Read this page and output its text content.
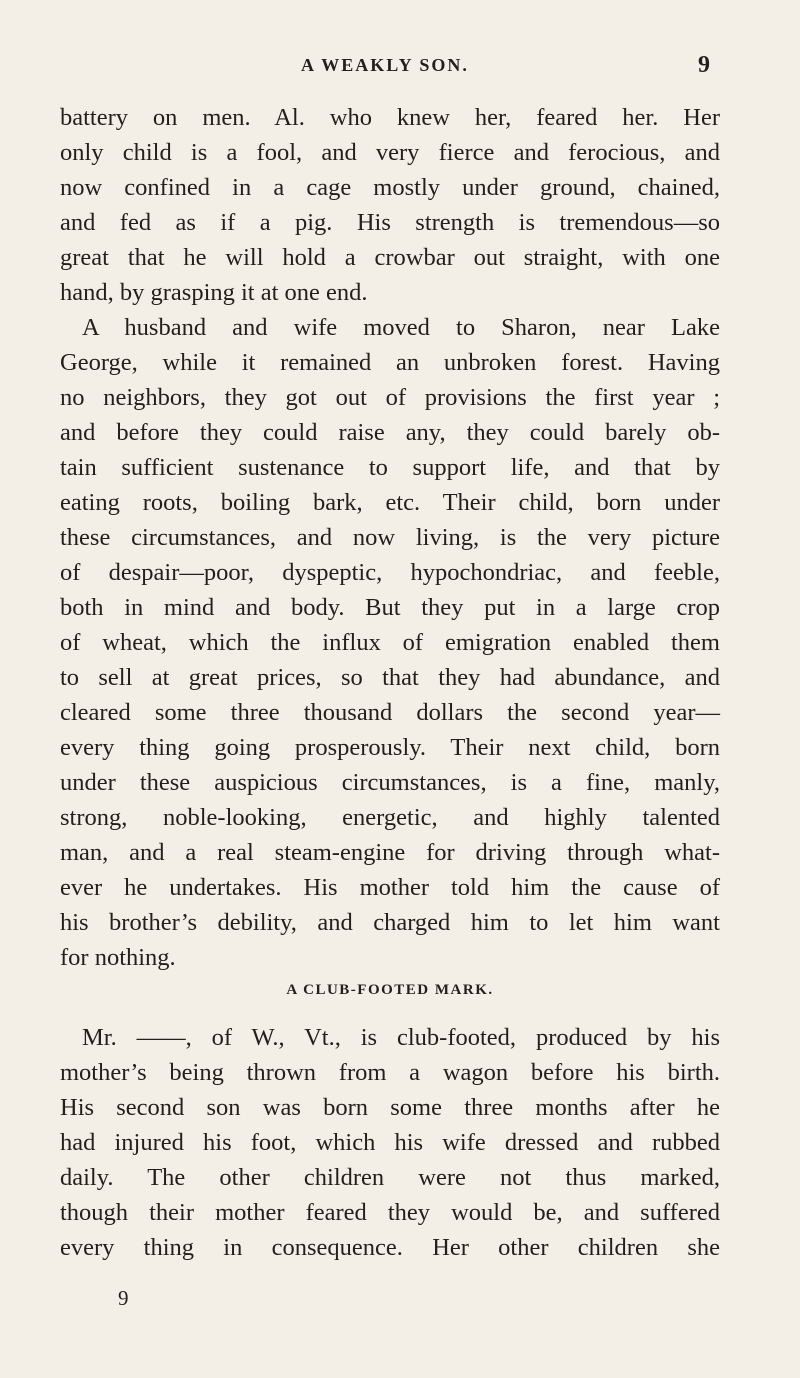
A WEAKLY SON.	9
battery on men. Al. who knew her, feared her. Her
only child is a fool, and very fierce and ferocious, and
now confined in a cage mostly under ground, chained,
and fed as if a pig. His strength is tremendous—so
great that he will hold a crowbar out straight, with one
hand, by grasping it at one end.
A husband and wife moved to Sharon, near Lake
George, while it remained an unbroken forest. Having
no neighbors, they got out of provisions the first year ;
and before they could raise any, they could barely ob-
tain sufficient sustenance to support life, and that by
eating roots, boiling bark, etc. Their child, born under
these circumstances, and now living, is the very picture
of despair—poor, dyspeptic, hypochondriac, and feeble,
both in mind and body. But they put in a large crop
of wheat, which the influx of emigration enabled them
to sell at great prices, so that they had abundance, and
cleared some three thousand dollars the second year—
every thing going prosperously. Their next child, born
under these auspicious circumstances, is a fine, manly,
strong, noble-looking, energetic, and highly talented
man, and a real steam-engine for driving through what-
ever he undertakes. His mother told him the cause of
his brother’s debility, and charged him to let him want
for nothing.
A CLUB-FOOTED MARK.
Mr. ——, of W., Vt., is club-footed, produced by his
mother’s being thrown from a wagon before his birth.
His second son was born some three months after he
had injured his foot, which his wife dressed and rubbed
daily. The other children were not thus marked,
though their mother feared they would be, and suffered
every thing in consequence. Her other children she
9
